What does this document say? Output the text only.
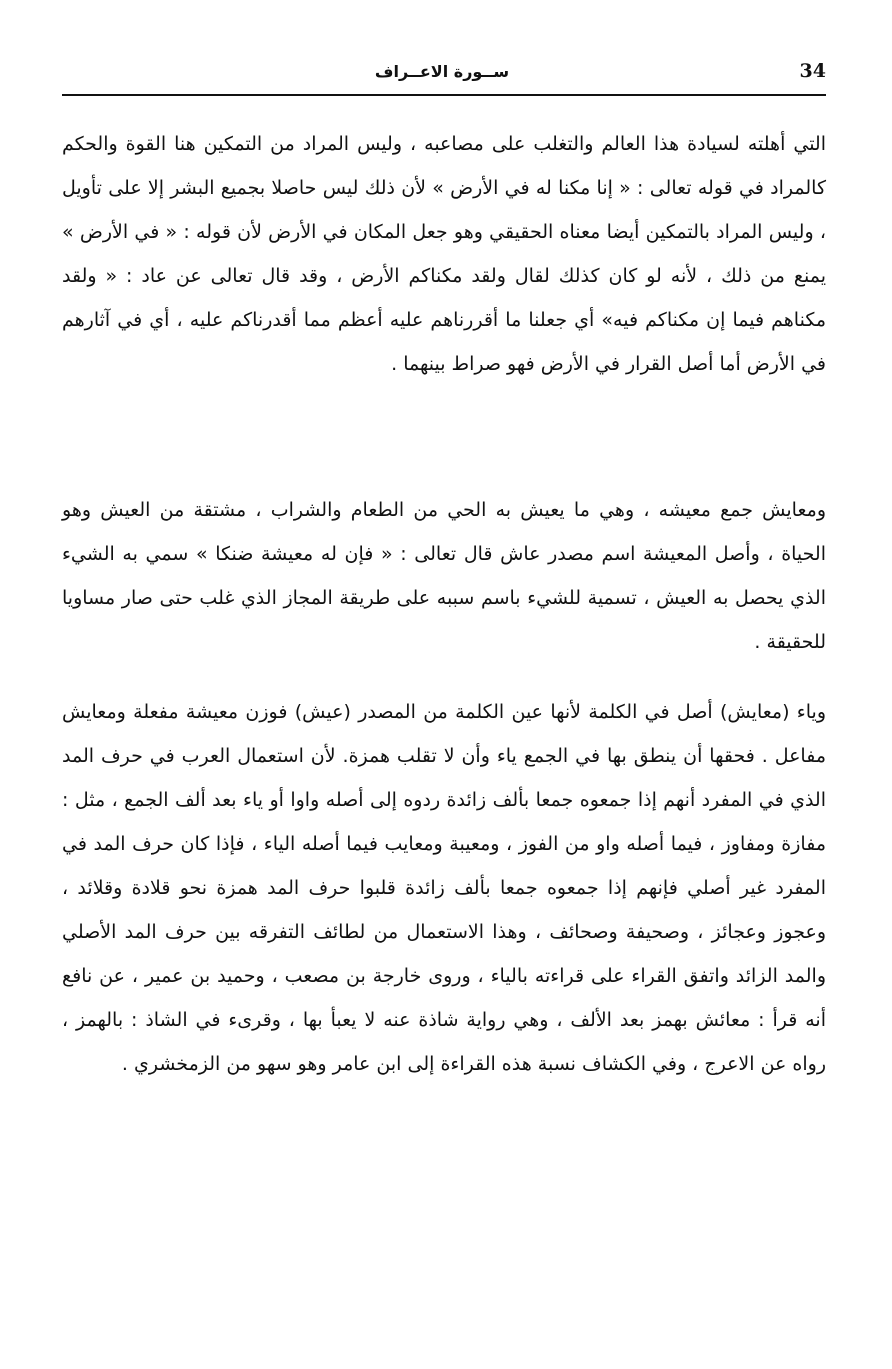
34
ســورة الاعــراف

التي أهلته لسيادة هذا العالم والتغلب على مصاعبه ، وليس المراد من التمكين هنا القوة والحكم كالمراد في قوله تعالى : « إنا مكنا له في الأرض » لأن ذلك ليس حاصلا بجميع البشر إلا على تأويل ، وليس المراد بالتمكين أيضا معناه الحقيقي وهو جعل المكان في الأرض لأن قوله : « في الأرض » يمنع من ذلك ، لأنه لو كان كذلك لقال ولقد مكناكم الأرض ، وقد قال تعالى عن عاد : « ولقد مكناهم فيما إن مكناكم فيه» أي جعلنا ما أقررناهم عليه أعظم مما أقدرناكم عليه ، أي في آثارهم في الأرض أما أصل القرار في الأرض فهو صراط بينهما .

ومعايش جمع معيشه ، وهي ما يعيش به الحي من الطعام والشراب ، مشتقة من العيش وهو الحياة ، وأصل المعيشة اسم مصدر عاش قال تعالى : « فإن له معيشة ضنكا » سمي به الشيء الذي يحصل به العيش ، تسمية للشيء باسم سببه على طريقة المجاز الذي غلب حتى صار مساويا للحقيقة .

وياء (معايش) أصل في الكلمة لأنها عين الكلمة من المصدر (عيش) فوزن معيشة مفعلة ومعايش مفاعل . فحقها أن ينطق بها في الجمع ياء وأن لا تقلب همزة. لأن استعمال العرب في حرف المد الذي في المفرد أنهم إذا جمعوه جمعا بألف زائدة ردوه إلى أصله واوا أو ياء بعد ألف الجمع ، مثل : مفازة ومفاوز ، فيما أصله واو من الفوز ، ومعيبة ومعايب فيما أصله الياء ، فإذا كان حرف المد في المفرد غير أصلي فإنهم إذا جمعوه جمعا بألف زائدة قلبوا حرف المد همزة نحو قلادة وقلائد ، وعجوز وعجائز ، وصحيفة وصحائف ، وهذا الاستعمال من لطائف التفرقه بين حرف المد الأصلي والمد الزائد واتفق القراء على قراءته بالياء ، وروى خارجة بن مصعب ، وحميد بن عمير ، عن نافع أنه قرأ : معائش بهمز بعد الألف ، وهي رواية شاذة عنه لا يعبأ بها ، وقرىء في الشاذ : بالهمز ، رواه عن الاعرج ، وفي الكشاف نسبة هذه القراءة إلى ابن عامر وهو سهو من الزمخشري .
